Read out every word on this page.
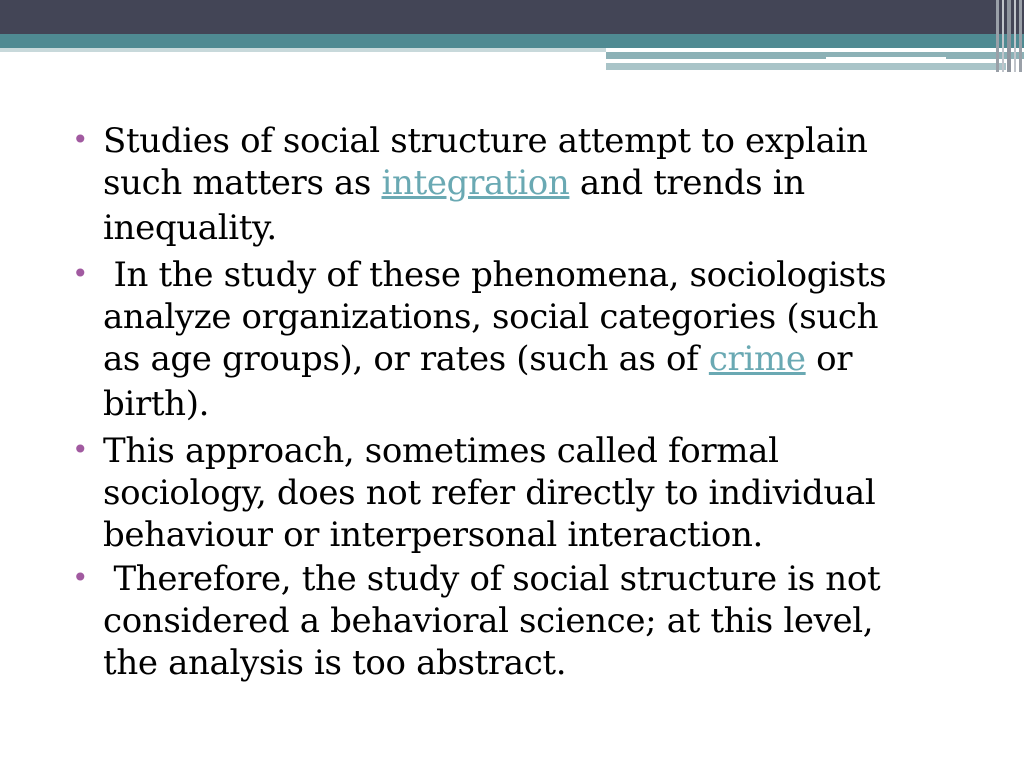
• Studies of social structure attempt to explain
such matters as integration and trends in
inequality.
• In the study of these phenomena, sociologists
analyze organizations, social categories (such
as age groups), or rates (such as of crime or
birth).
• This approach, sometimes called formal
sociology, does not refer directly to individual
behaviour or interpersonal interaction.
• Therefore, the study of social structure is not
considered a behavioral science; at this level,
the analysis is too abstract.
